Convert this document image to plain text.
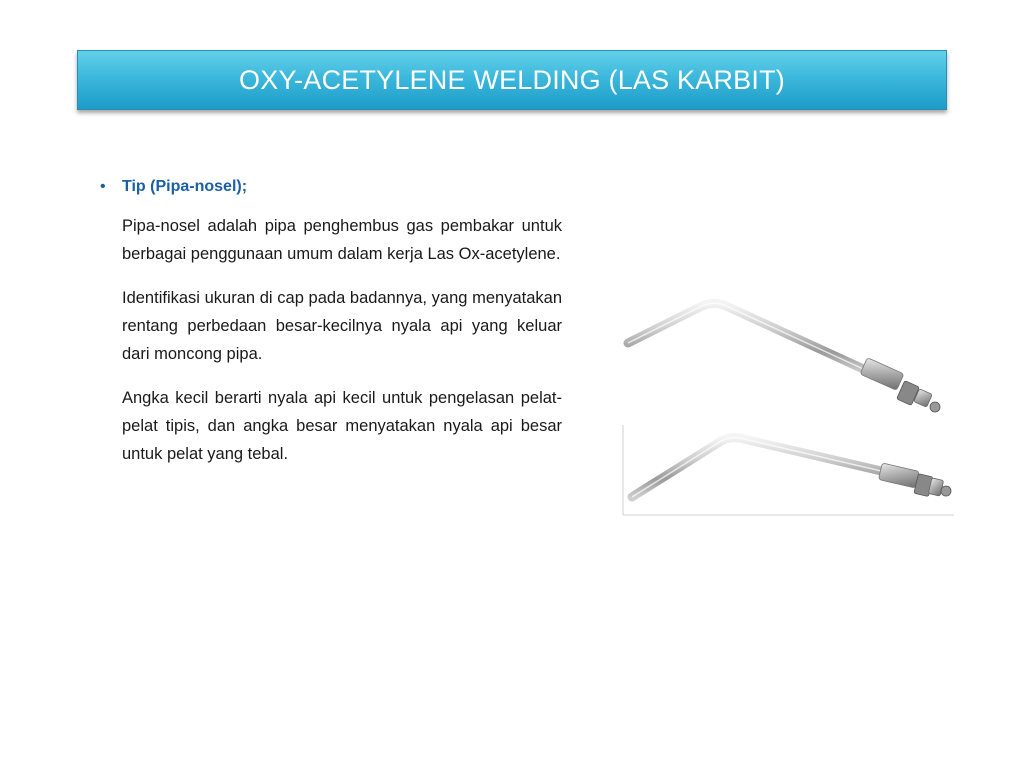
OXY-ACETYLENE WELDING (LAS KARBIT)
•	Tip (Pipa-nosel);

Pipa-nosel adalah pipa penghembus gas pembakar untuk berbagai penggunaan umum dalam kerja Las Ox-acetylene.

Identifikasi ukuran di cap pada badannya, yang menyatakan rentang perbedaan besar-kecilnya nyala api yang keluar dari moncong pipa.

Angka kecil berarti nyala api kecil untuk pengelasan pelat-pelat tipis, dan angka besar menyatakan nyala api besar untuk pelat yang tebal.
